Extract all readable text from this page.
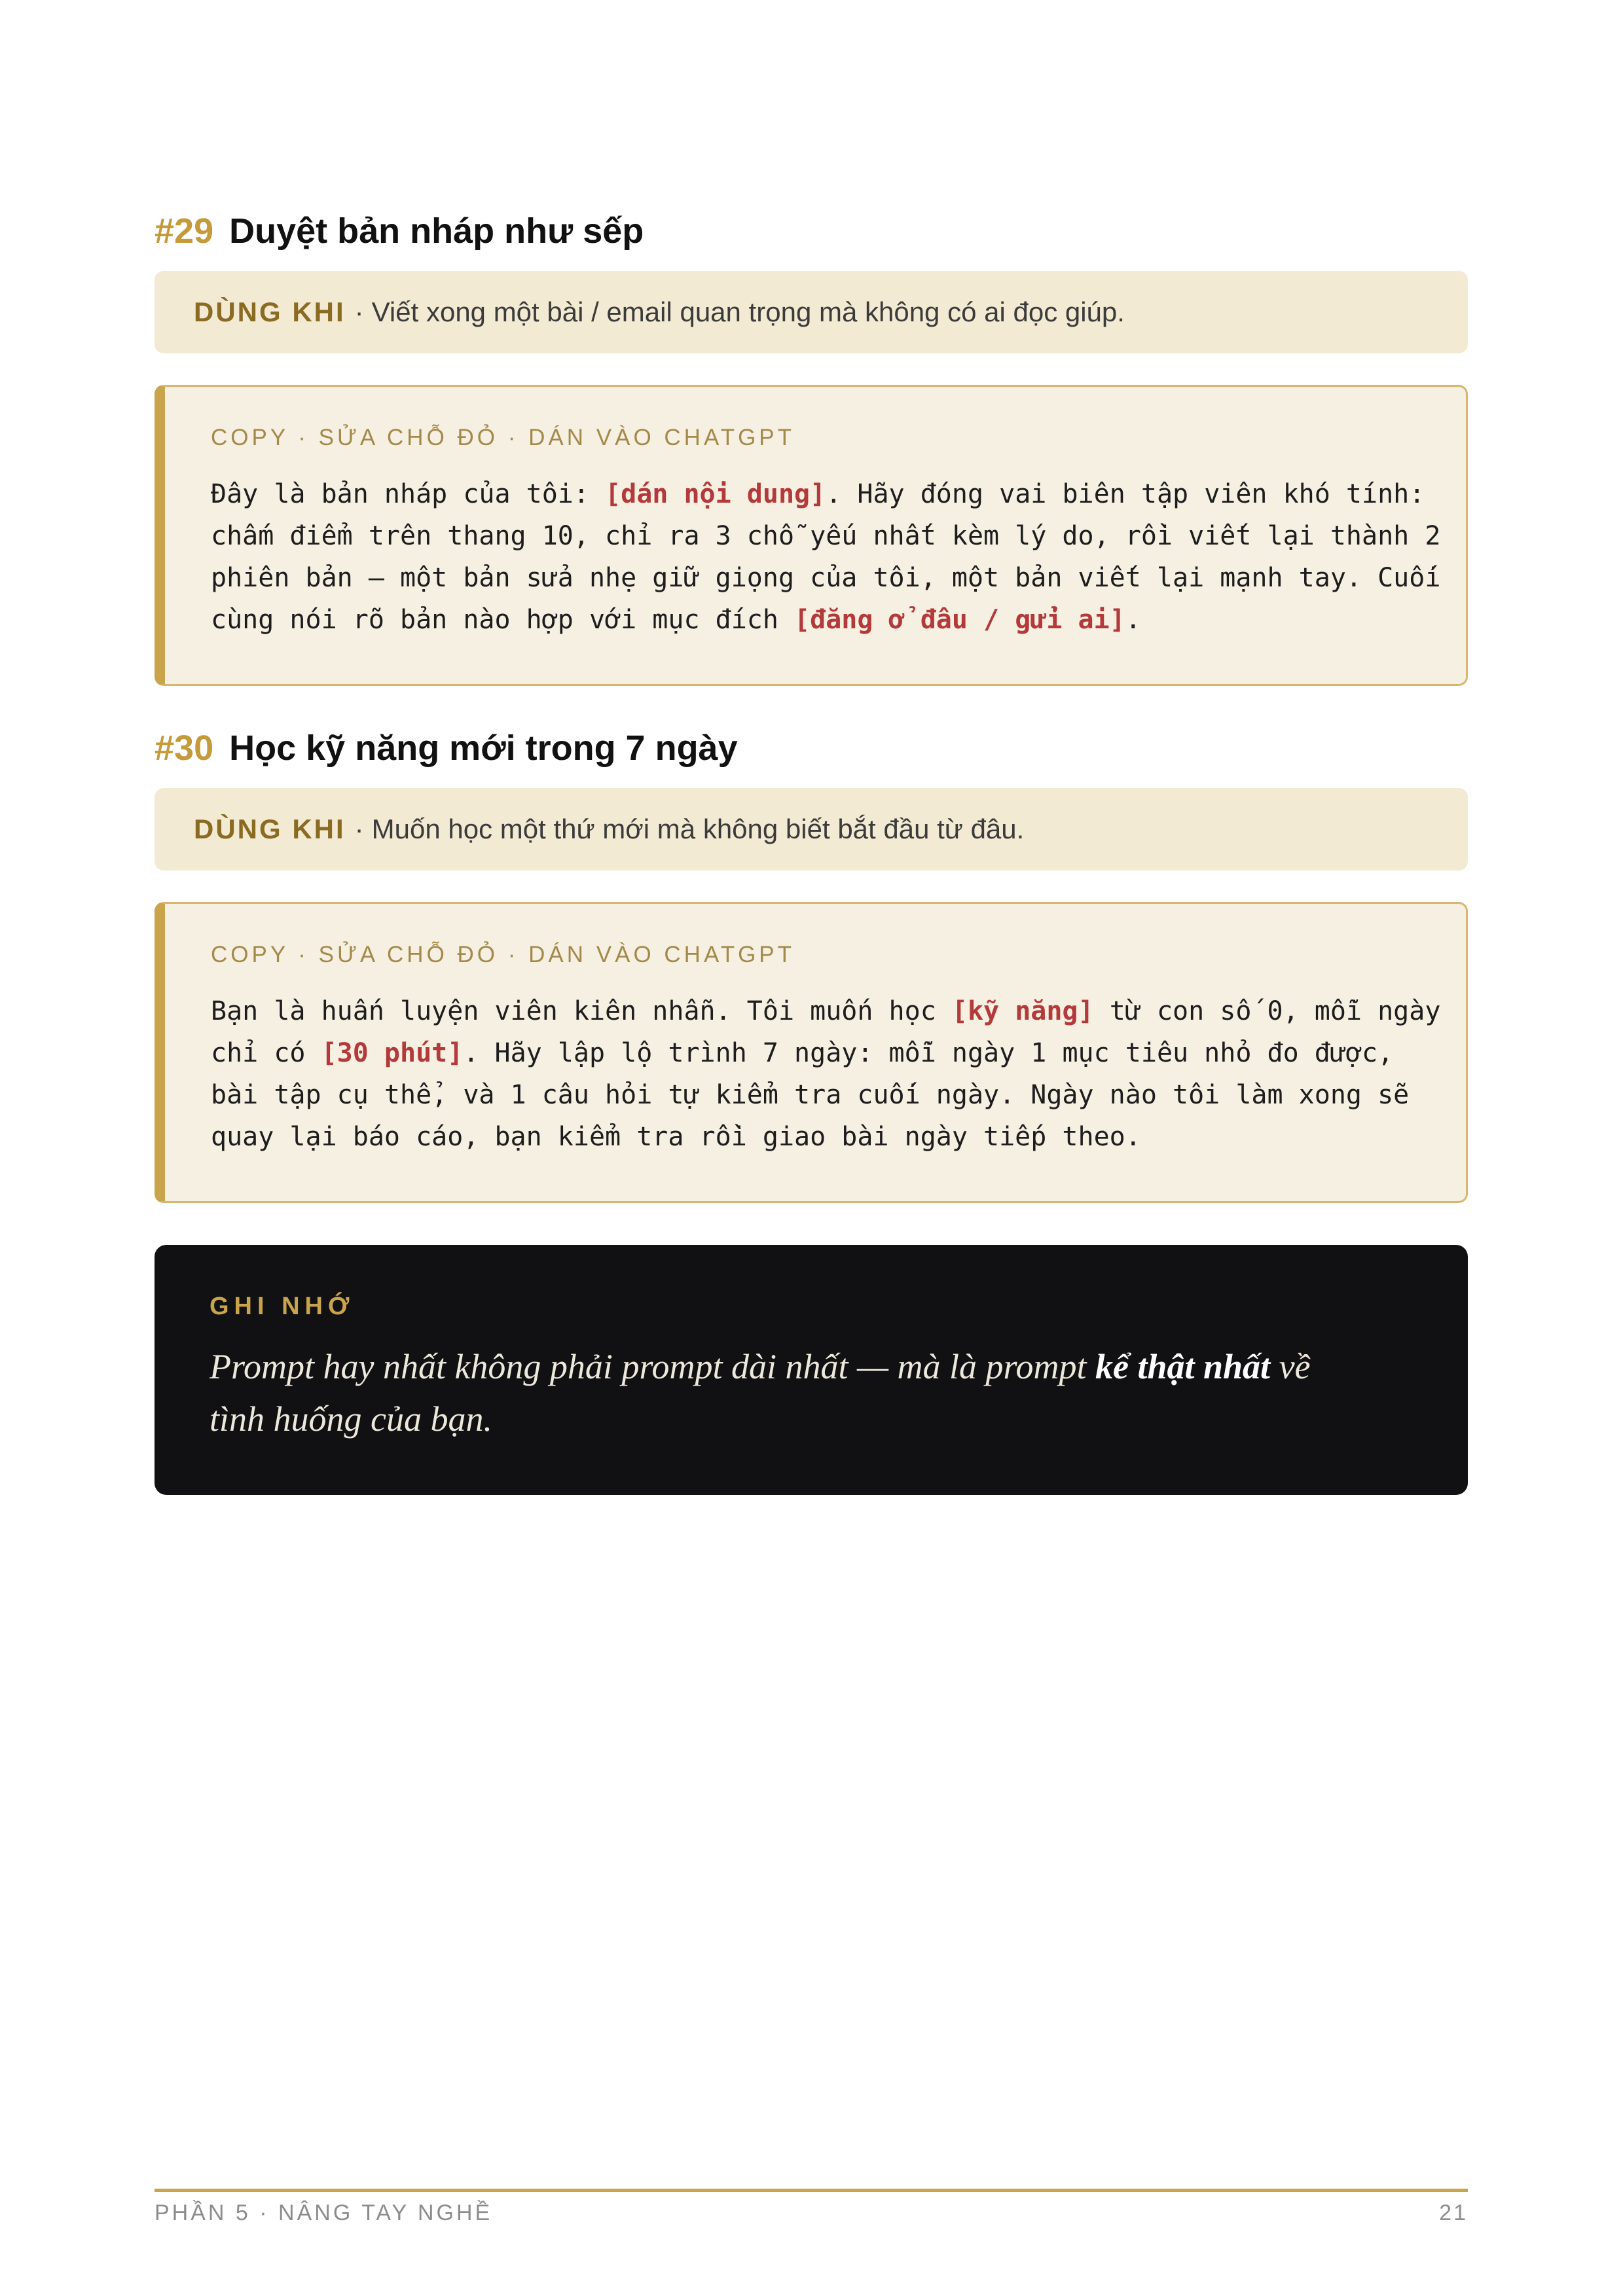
#29 Duyệt bản nháp như sếp
DÙNG KHI · Viết xong một bài / email quan trọng mà không có ai đọc giúp.
COPY · SỬA CHỖ ĐỎ · DÁN VÀO CHATGPT
Đây là bản nháp của tôi: [dán nội dung]. Hãy đóng vai biên tập viên khó tính:
chấm điểm trên thang 10, chỉ ra 3 chỗ yếu nhất kèm lý do, rồi viết lại thành 2
phiên bản — một bản sửa nhẹ giữ giọng của tôi, một bản viết lại mạnh tay. Cuối
cùng nói rõ bản nào hợp với mục đích [đăng ở đâu / gửi ai].
#30 Học kỹ năng mới trong 7 ngày
DÙNG KHI · Muốn học một thứ mới mà không biết bắt đầu từ đâu.
COPY · SỬA CHỖ ĐỎ · DÁN VÀO CHATGPT
Bạn là huấn luyện viên kiên nhẫn. Tôi muốn học [kỹ năng] từ con số 0, mỗi ngày
chỉ có [30 phút]. Hãy lập lộ trình 7 ngày: mỗi ngày 1 mục tiêu nhỏ đo được,
bài tập cụ thể, và 1 câu hỏi tự kiểm tra cuối ngày. Ngày nào tôi làm xong sẽ
quay lại báo cáo, bạn kiểm tra rồi giao bài ngày tiếp theo.
GHI NHỚ
Prompt hay nhất không phải prompt dài nhất — mà là prompt kể thật nhất về
tình huống của bạn.
PHẦN 5 · NÂNG TAY NGHỀ	21
